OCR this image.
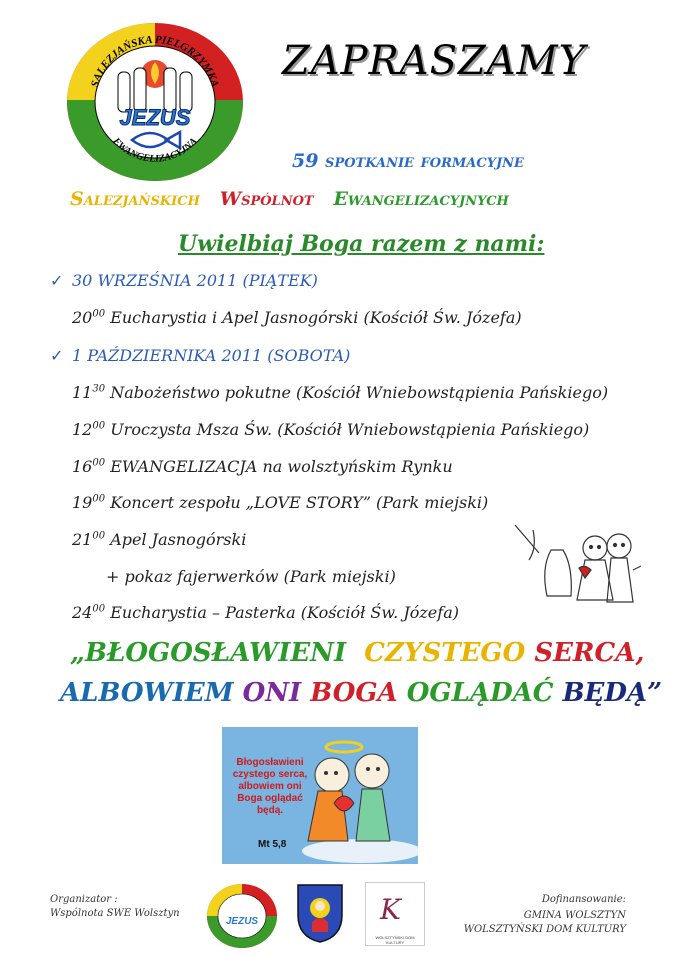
JEZUS
SALEZJAŃSKA PIELGRZYMKA
EWANGELIZACYJNA
ZAPRASZAMY
59 spotkanie formacyjne
Salezjańskich Wspólnot Ewangelizacyjnych
Uwielbiaj Boga razem z nami:
✓ 30 WRZEŚNIA 2011 (PIĄTEK)
$20^{00}$ Eucharystia i Apel Jasnogórski (Kościół Św. Józefa)
✓ 1 PAŹDZIERNIKA 2011 (SOBOTA)
$11^{30}$ Nabożeństwo pokutne (Kościół Wniebowstąpienia Pańskiego)
$12^{00}$ Uroczysta Msza Św. (Kościół Wniebowstąpienia Pańskiego)
$16^{00}$ EWANGELIZACJA na wolsztyńskim Rynku
$19^{00}$ Koncert zespołu „LOVE STORY” (Park miejski)
$21^{00}$ Apel Jasnogórski
+ pokaz fajerwerków (Park miejski)
$24^{00}$ Eucharystia – Pasterka (Kościół Św. Józefa)
„BŁOGOSŁAWIENI CZYSTEGO SERCA,
ALBOWIEM ONI BOGA OGLĄDAĆ BĘDĄ”
Błogosławieni czystego serca, albowiem oni Boga oglądać będą.
Mt 5,8
Organizator :
Wspólnota SWE Wolsztyn
JEZUS	K
WOLSZTYŃSKI DOM KULTURY
Dofinansowanie:
GMINA WOLSZTYN
WOLSZTYŃSKI DOM KULTURY
